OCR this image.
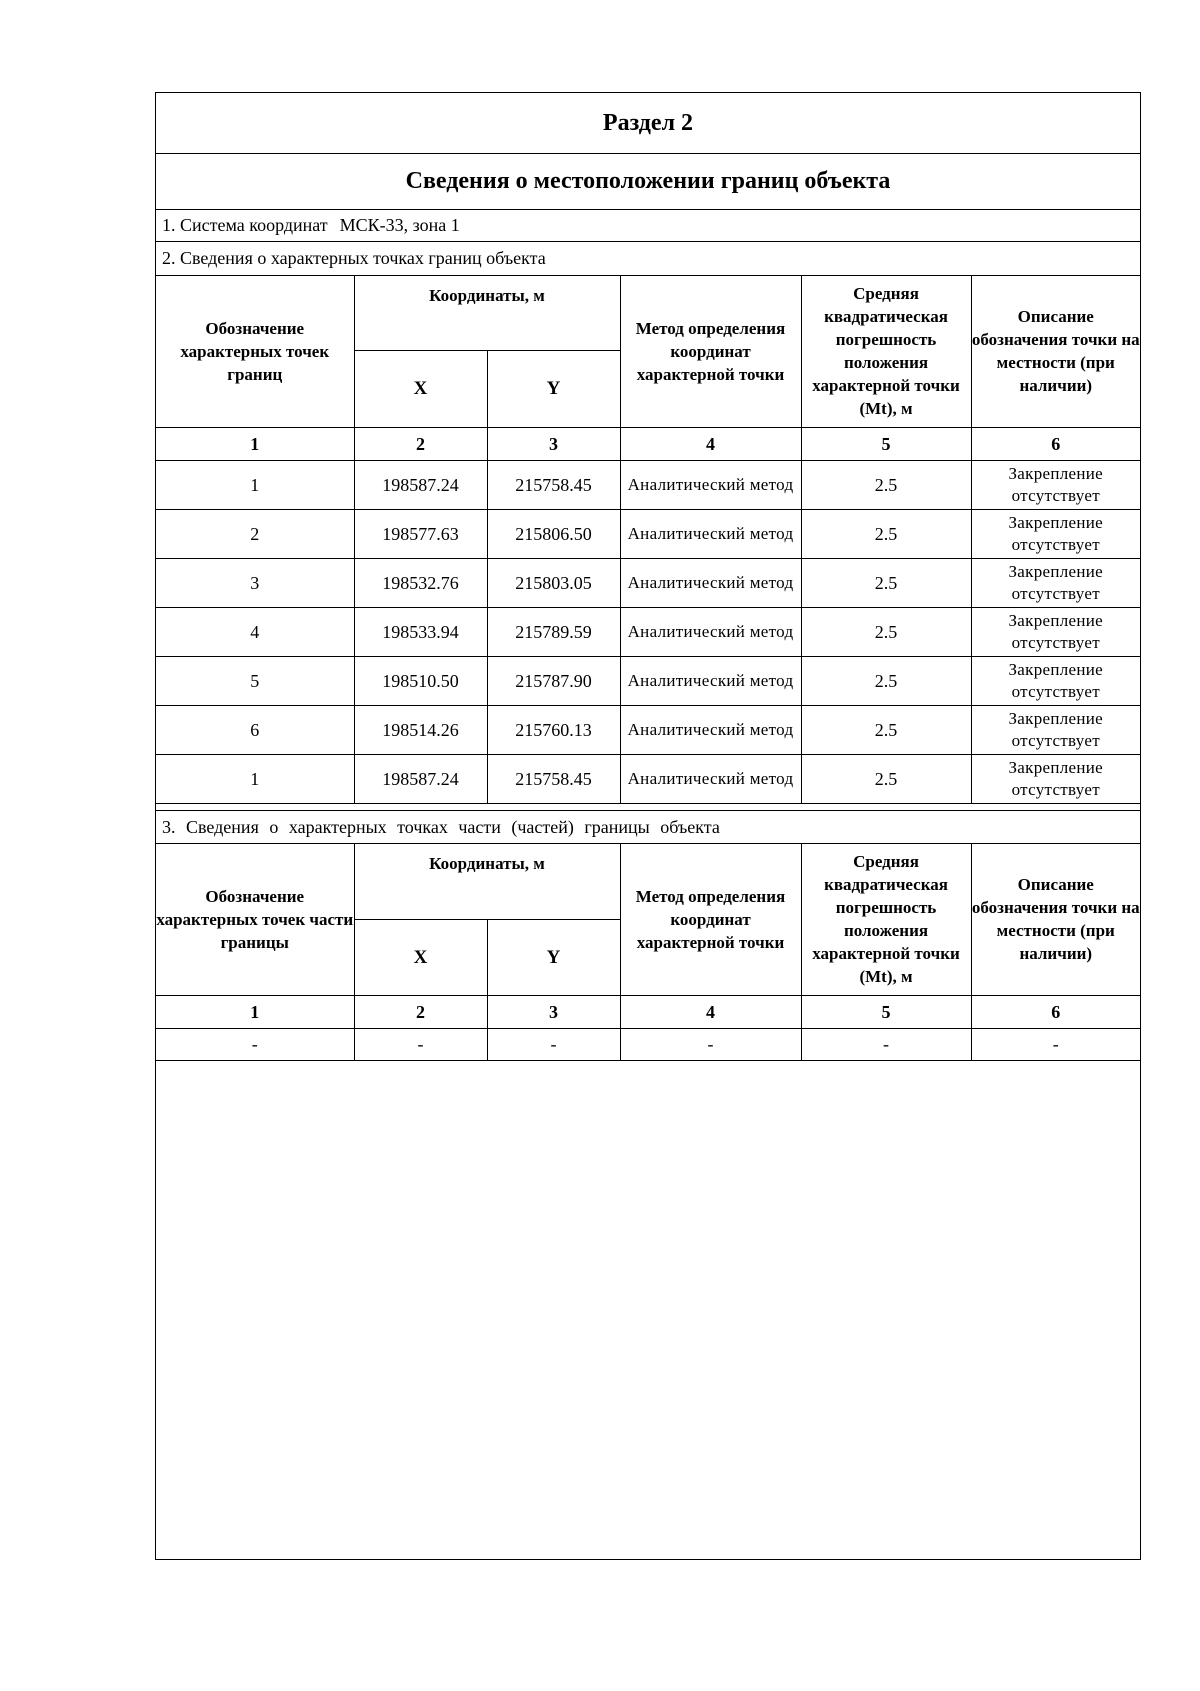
Раздел 2
Сведения о местоположении границ объекта
1. Система координат МСК-33, зона 1
2. Сведения о характерных точках границ объекта
Обозначение характерных точек границ	Координаты, м		Метод определения координат характерной точки	Средняя квадратическая погрешность положения характерной точки (Mt), м	Описание обозначения точки на местности (при наличии)
	X	Y			
1	2	3	4	5	6
1	198587.24	215758.45	Аналитический метод	2.5	Закрепление отсутствует
2	198577.63	215806.50	Аналитический метод	2.5	Закрепление отсутствует
3	198532.76	215803.05	Аналитический метод	2.5	Закрепление отсутствует
4	198533.94	215789.59	Аналитический метод	2.5	Закрепление отсутствует
5	198510.50	215787.90	Аналитический метод	2.5	Закрепление отсутствует
6	198514.26	215760.13	Аналитический метод	2.5	Закрепление отсутствует
1	198587.24	215758.45	Аналитический метод	2.5	Закрепление отсутствует
3. Сведения о характерных точках части (частей) границы объекта
Обозначение характерных точек части границы	Координаты, м		Метод определения координат характерной точки	Средняя квадратическая погрешность положения характерной точки (Mt), м	Описание обозначения точки на местности (при наличии)
	X	Y			
1	2	3	4	5	6
-	-	-	-	-	-
